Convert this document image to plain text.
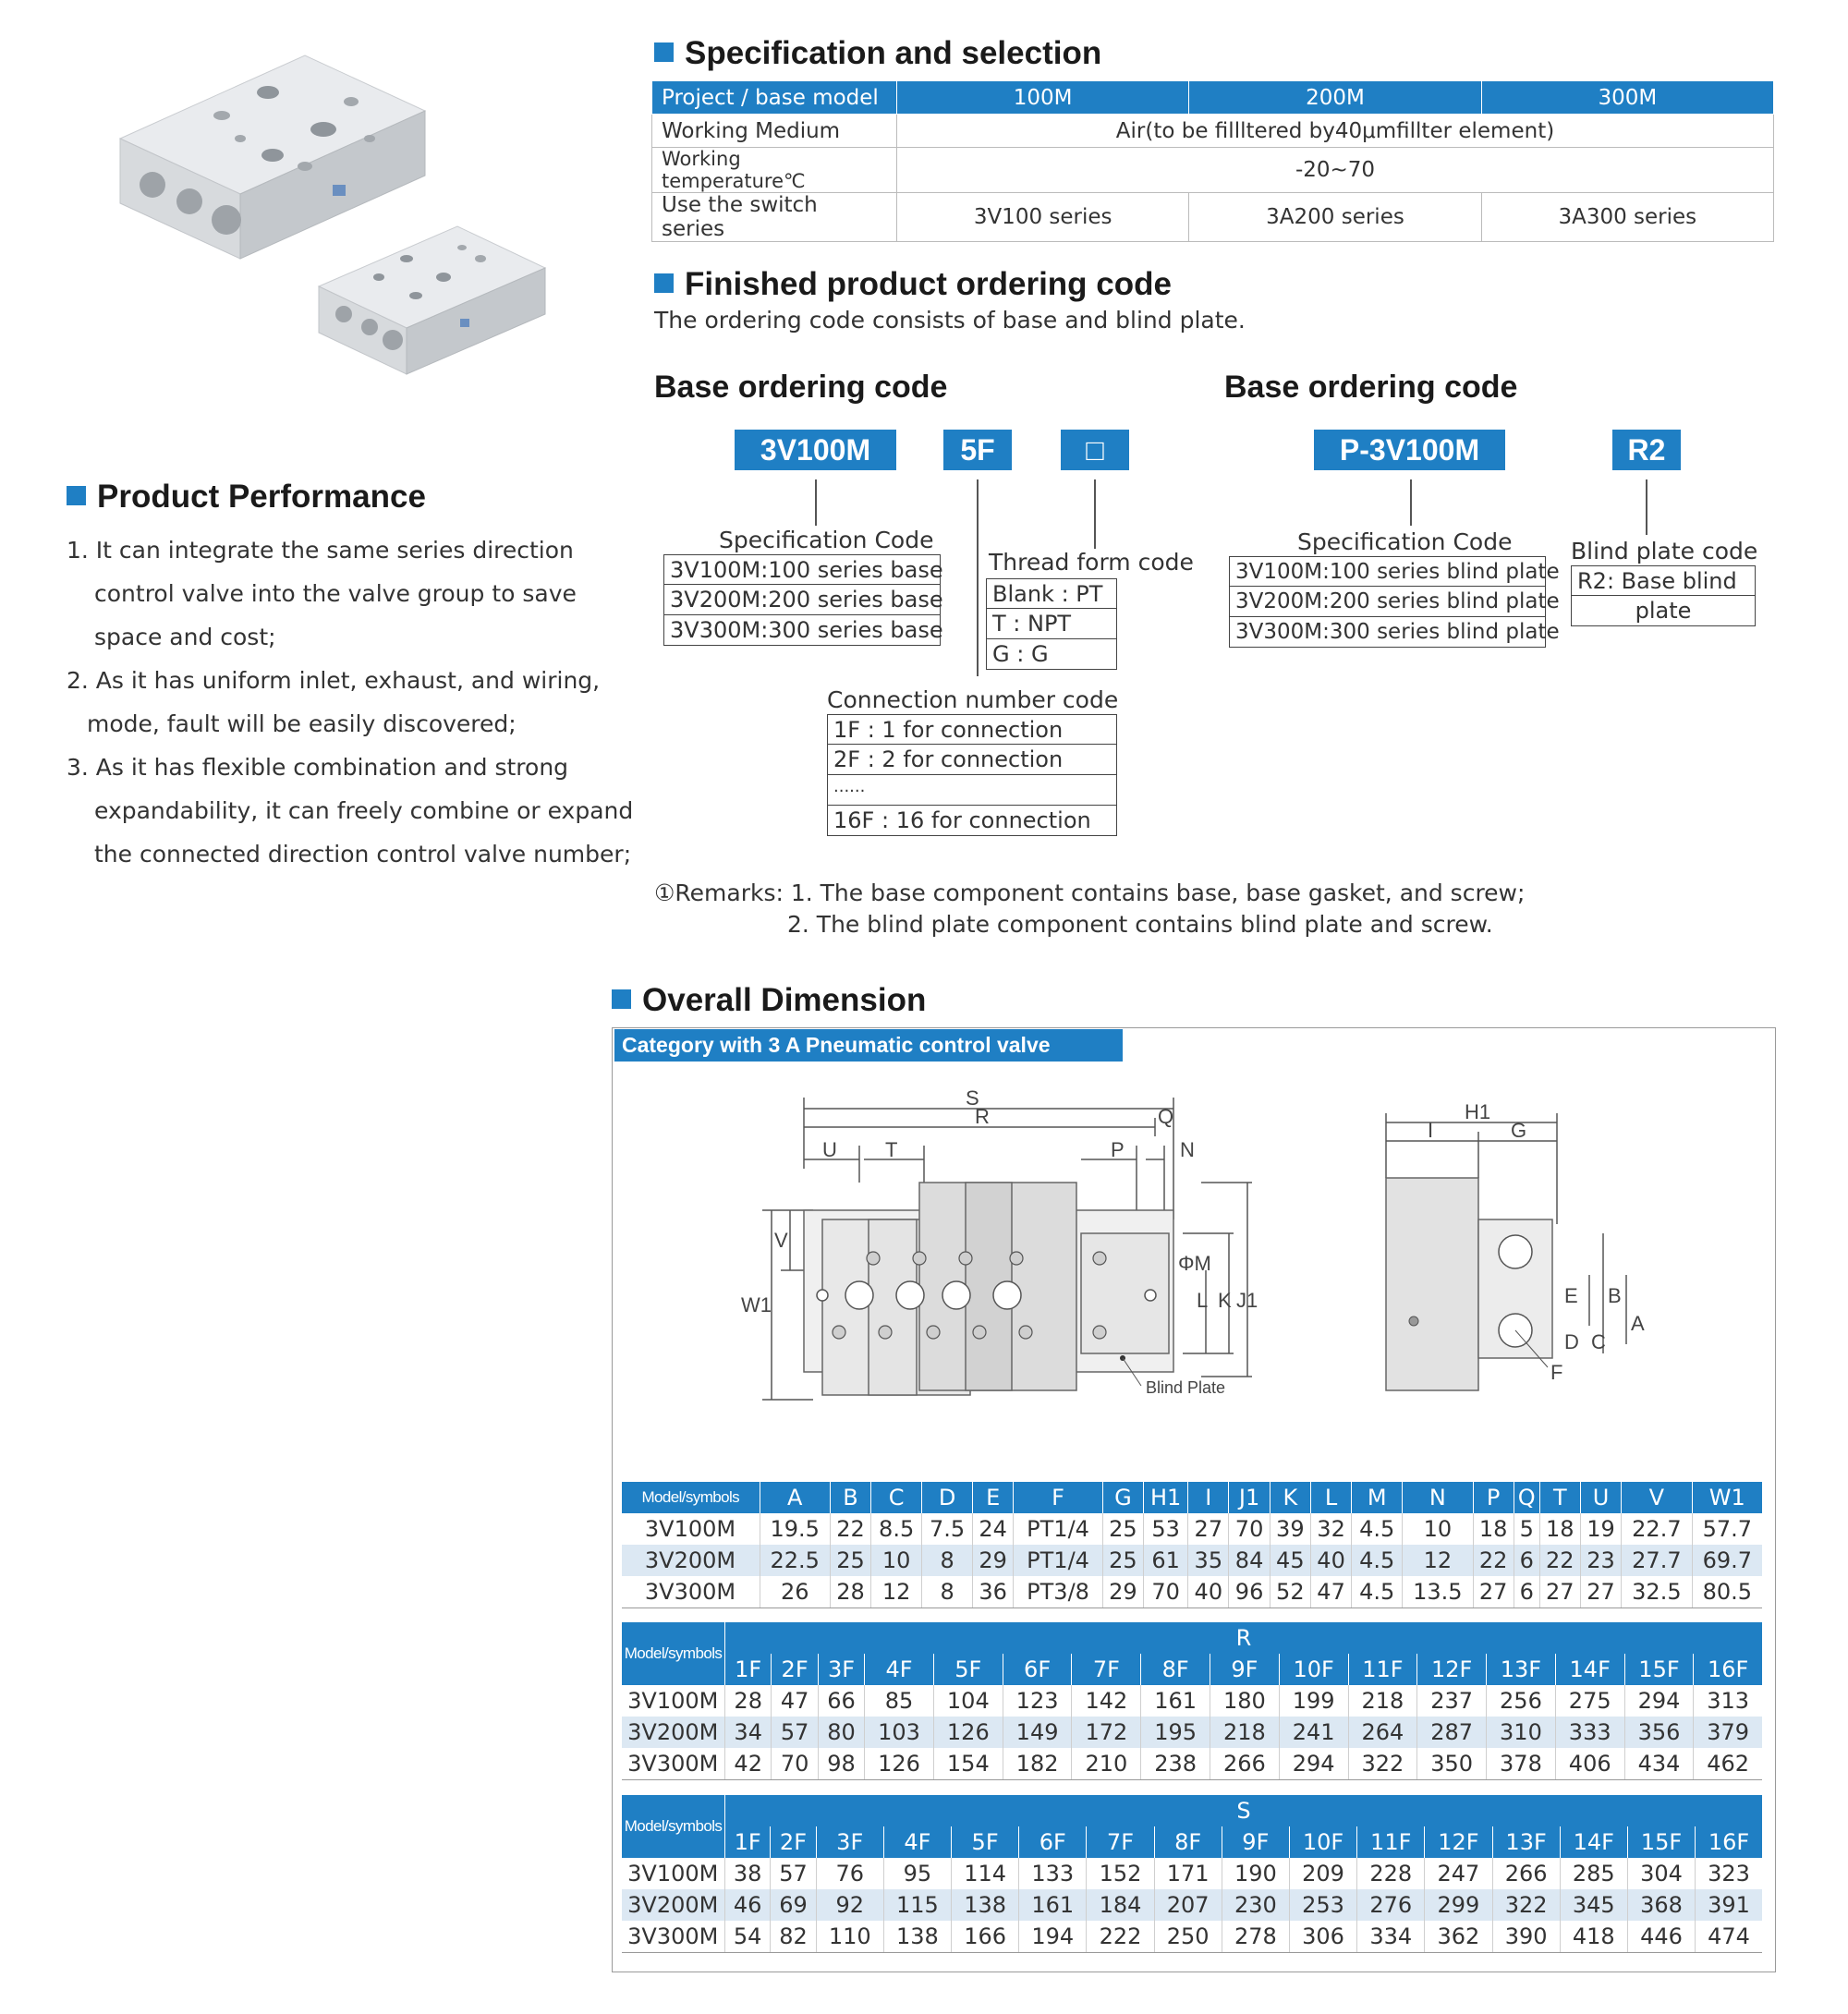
Product Performance
1. It can integrate the same series direction
control valve into the valve group to save
space and cost;
2. As it has uniform inlet, exhaust, and wiring,
mode, fault will be easily discovered;
3. As it has flexible combination and strong
expandability, it can freely combine or expand
the connected direction control valve number;
Specification and selection
Project / base model	100M	200M	300M
Working Medium	Air(to be fillltered by40μmfillter element)		
Working temperature℃	-20~70		
Use the switch series	3V100 series	3A200 series	3A300 series
Finished product ordering code
The ordering code consists of base and blind plate.
Base ordering code	Base ordering code
3V100M	5F	□
Specification Code
3V100M:100 series base
3V200M:200 series base
3V300M:300 series base
Thread form code
Blank : PT
T : NPT
G : G
Connection number code
1F : 1 for connection
2F : 2 for connection
......
16F : 16 for connection
P-3V100M	R2
Specification Code
3V100M:100 series blind plate
3V200M:200 series blind plate
3V300M:300 series blind plate
Blind plate code
R2: Base blind
plate
①Remarks: 1. The base component contains base, base gasket, and screw;
2. The blind plate component contains blind plate and screw.
Overall Dimension
Category with 3 A Pneumatic control valve
S
R	Q
U T	P	N
V
W1
ΦM
L K J1
Blind Plate
H1
I	G
E B
D C
A
F
Model/symbols	A	B	C	D	E	F	G	H1	I	J1	K	L	M	N	P	Q	T	U	V	W1
3V100M	19.5	22	8.5	7.5	24	PT1/4	25	53	27	70	39	32	4.5	10	18	5	18	19	22.7	57.7
3V200M	22.5	25	10	8	29	PT1/4	25	61	35	84	45	40	4.5	12	22	6	22	23	27.7	69.7
3V300M	26	28	12	8	36	PT3/8	29	70	40	96	52	47	4.5	13.5	27	6	27	27	32.5	80.5
Model/symbols	R															
	1F	2F	3F	4F	5F	6F	7F	8F	9F	10F	11F	12F	13F	14F	15F	16F
3V100M	28	47	66	85	104	123	142	161	180	199	218	237	256	275	294	313
3V200M	34	57	80	103	126	149	172	195	218	241	264	287	310	333	356	379
3V300M	42	70	98	126	154	182	210	238	266	294	322	350	378	406	434	462
Model/symbols	S															
	1F	2F	3F	4F	5F	6F	7F	8F	9F	10F	11F	12F	13F	14F	15F	16F
3V100M	38	57	76	95	114	133	152	171	190	209	228	247	266	285	304	323
3V200M	46	69	92	115	138	161	184	207	230	253	276	299	322	345	368	391
3V300M	54	82	110	138	166	194	222	250	278	306	334	362	390	418	446	474
